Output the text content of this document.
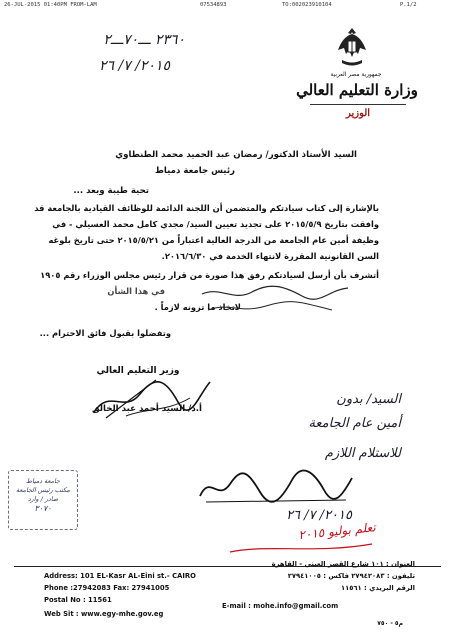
26-JUL-2015 01:40PM FROM-LAM	07534893	TO:002023910104	P.1/2
٢٣٦٠ ـــ٧٠ـــ٢
٢٠١٥/ ٧/ ٢٦
جمهورية مصر العربية
وزارة التعليم العالي
الوزير
السيد الأستاذ الدكتور/ رمضان عبد الحميد محمد الطنطاوي
رئيس جامعة دمياط
تحية طيبة وبعد ...
بالإشارة إلى كتاب سيادتكم والمتضمن أن اللجنة الدائمة للوظائف القيادية بالجامعة قد
وافقت بتاريخ ٢٠١٥/٥/٩ على تجديد تعيين السيد/ مجدي كامل محمد العسيلي - في
وظيفة أمين عام الجامعة من الدرجة العالية اعتباراً من ٢٠١٥/٥/٢١ حتى تاريخ بلوغه
السن القانونية المقررة لانتهاء الخدمة في ٢٠١٦/٦/٣٠.
أتشرف بأن أرسل لسيادتكم رفق هذا صورة من قرار رئيس مجلس الوزراء رقم ١٩٠٥
في هذا الشأن
لاتخاذ ما ترونه لازماً .
وتفضلوا بقبول فائق الاحترام ...
وزير التعليم العالي
أ.د/ السيد أحمد عبد الخالق
السيد/ بدون
أمين عام الجامعة
للاستلام اللازم
٢٠١٥/ ٧/ ٢٦
تعلم بوليو ٢٠١٥
جامعة دمياط
مكتب رئيس الجامعة
صادر / وارد
٣٠٧٠
Address: 101 EL-Kasr AL-Eini st.- CAIRO
Phone :27942083 Fax: 27941005
Postal No : 11561
Web Sit : www.egy-mhe.gov.eg
العنوان : ١٠١ شارع القصر العيني - القاهرة
تليفون : ٢٧٩٤٢٠٨٣ فاكس : ٢٧٩٤١٠٠٥
الرقم البريدي : ١١٥٦١
E-mail : mohe.info@gmail.com
م٥ - ٧٥٠
